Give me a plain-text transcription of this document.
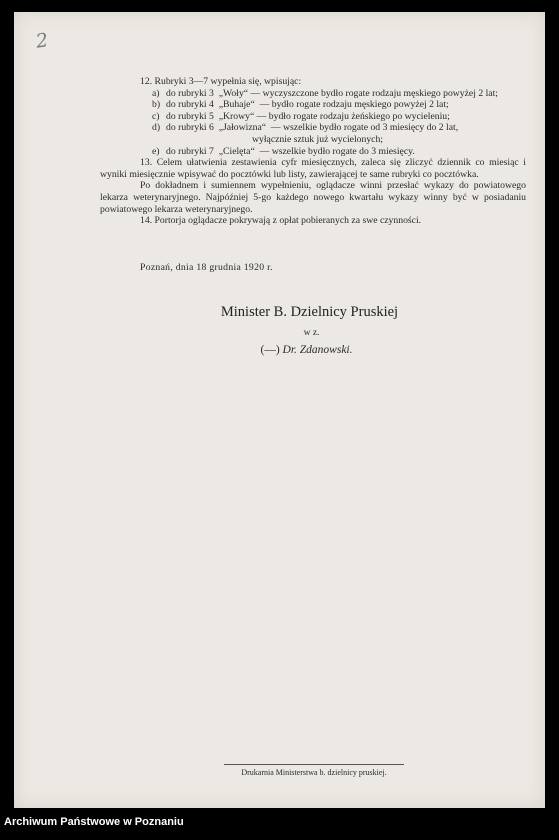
2

12. Rubryki 3—7 wypełnia się, wpisując:

a) do rubryki 3  „Woły“ — wyczyszczone bydło rogate rodzaju męskiego powyżej 2 lat;
b) do rubryki 4  „Buhaje“  — bydło rogate rodzaju męskiego powyżej 2 lat;
c) do rubryki 5  „Krowy“ — bydło rogate rodzaju żeńskiego po wycieleniu;
d) do rubryki 6  „Jałowizna“  — wszelkie bydło rogate od 3 miesięcy do 2 lat,

wyłącznie sztuk już wycielonych;

e) do rubryki 7  „Cielęta“  — wszelkie bydło rogate do 3 miesięcy.

13. Celem ułatwienia zestawienia cyfr miesięcznych, zaleca się zliczyć dziennik co miesiąc i wyniki miesięcznie wpisywać do pocztówki lub listy, zawierającej te same rubryki co pocztówka.

Po dokładnem i sumiennem wypełnieniu, oglądacze winni przesłać wykazy do powiatowego lekarza weterynaryjnego. Najpóźniej 5-go każdego nowego kwartału wykazy winny być w posiadaniu powiatowego lekarza weterynaryjnego.

14. Portorja oglądacze pokrywają z opłat pobieranych za swe czynności.

Poznań, dnia 18 grudnia 1920 r.
Minister B. Dzielnicy Pruskiej
w z.
(—) Dr. Zdanowski.
Drukarnia Ministerstwa b. dzielnicy pruskiej.
Archiwum Państwowe w Poznaniu
